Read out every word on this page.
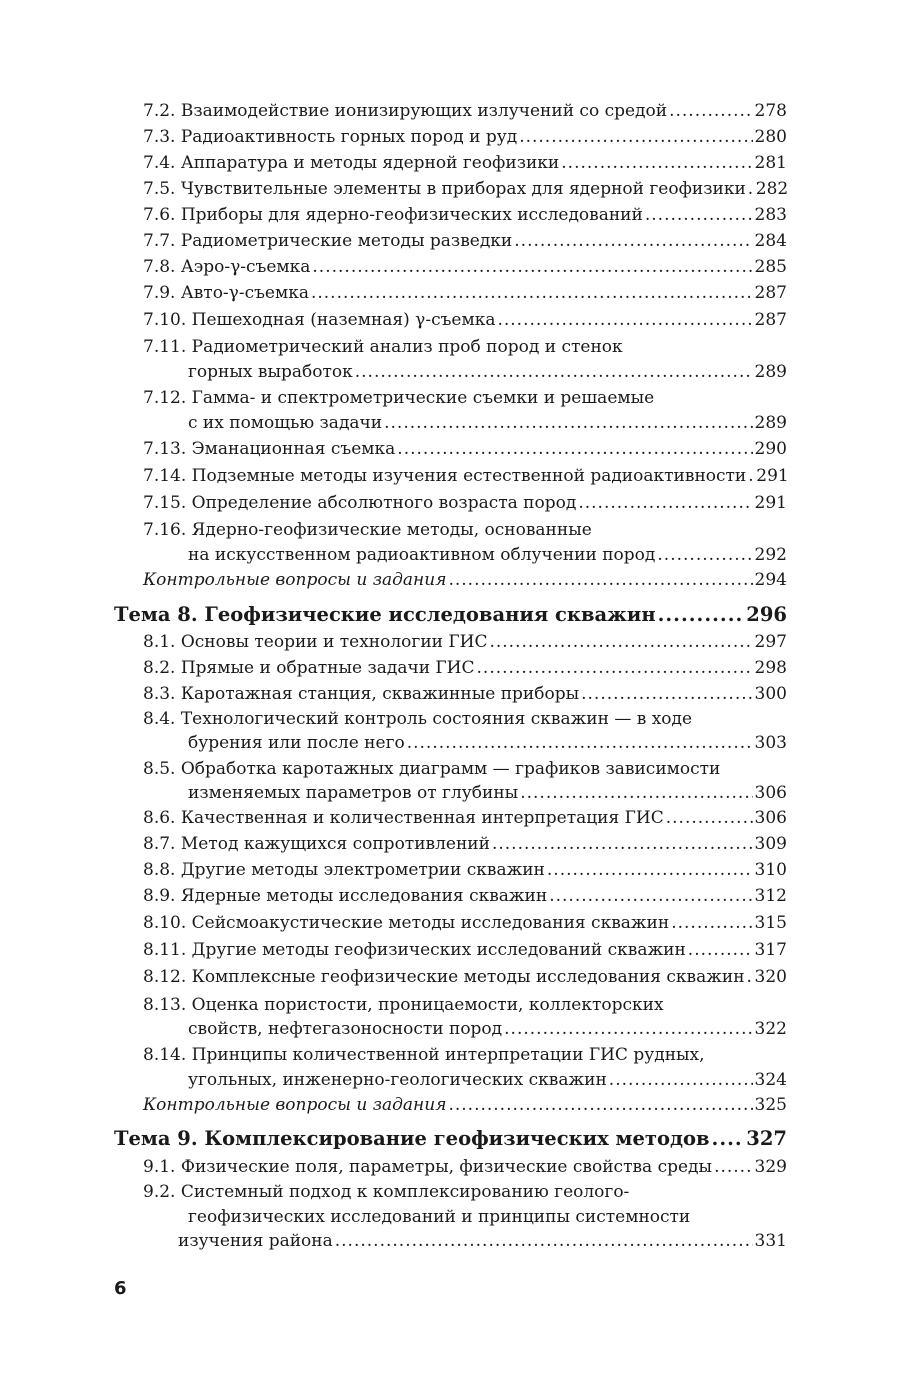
7.2. Взаимодействие ионизирующих излучений со средой .....	278
7.3. Радиоактивность горных пород и руд .....	280
7.4. Аппаратура и методы ядерной геофизики .....	281
7.5. Чувствительные элементы в приборах для ядерной геофизики ..... 282
7.6. Приборы для ядерно-геофизических исследований .....	283
7.7. Радиометрические методы разведки .....	284
7.8. Аэро-γ-съемка .....	285
7.9. Авто-γ-съемка .....	287
7.10. Пешеходная (наземная) γ-съемка .....	287
7.11. Радиометрический анализ проб пород и стенок
горных выработок .....	289
7.12. Гамма- и спектрометрические съемки и решаемые
с их помощью задачи .....	289
7.13. Эманационная съемка .....	290
7.14. Подземные методы изучения естественной радиоактивности ..... 291
7.15. Определение абсолютного возраста пород .....	291
7.16. Ядерно-геофизические методы, основанные
на искусственном радиоактивном облучении пород .....	292
Контрольные вопросы и задания .....	294
Тема 8. Геофизические исследования скважин .....	296
8.1. Основы теории и технологии ГИС .....	297
8.2. Прямые и обратные задачи ГИС .....	298
8.3. Каротажная станция, скважинные приборы .....	300
8.4. Технологический контроль состояния скважин — в ходе
бурения или после него .....	303
8.5. Обработка каротажных диаграмм — графиков зависимости
изменяемых параметров от глубины .....	306
8.6. Качественная и количественная интерпретация ГИС .....	306
8.7. Метод кажущихся сопротивлений .....	309
8.8. Другие методы электрометрии скважин .....	310
8.9. Ядерные методы исследования скважин .....	312
8.10. Сейсмоакустические методы исследования скважин .....	315
8.11. Другие методы геофизических исследований скважин .....	317
8.12. Комплексные геофизические методы исследования скважин ..... 320
8.13. Оценка пористости, проницаемости, коллекторских
свойств, нефтегазоносности пород .....	322
8.14. Принципы количественной интерпретации ГИС рудных,
угольных, инженерно-геологических скважин .....	324
Контрольные вопросы и задания .....	325
Тема 9. Комплексирование геофизических методов ..... 327
9.1. Физические поля, параметры, физические свойства среды ..... 329
9.2. Системный подход к комплексированию геолого-
геофизических исследований и принципы системности
изучения района .....	331
6
